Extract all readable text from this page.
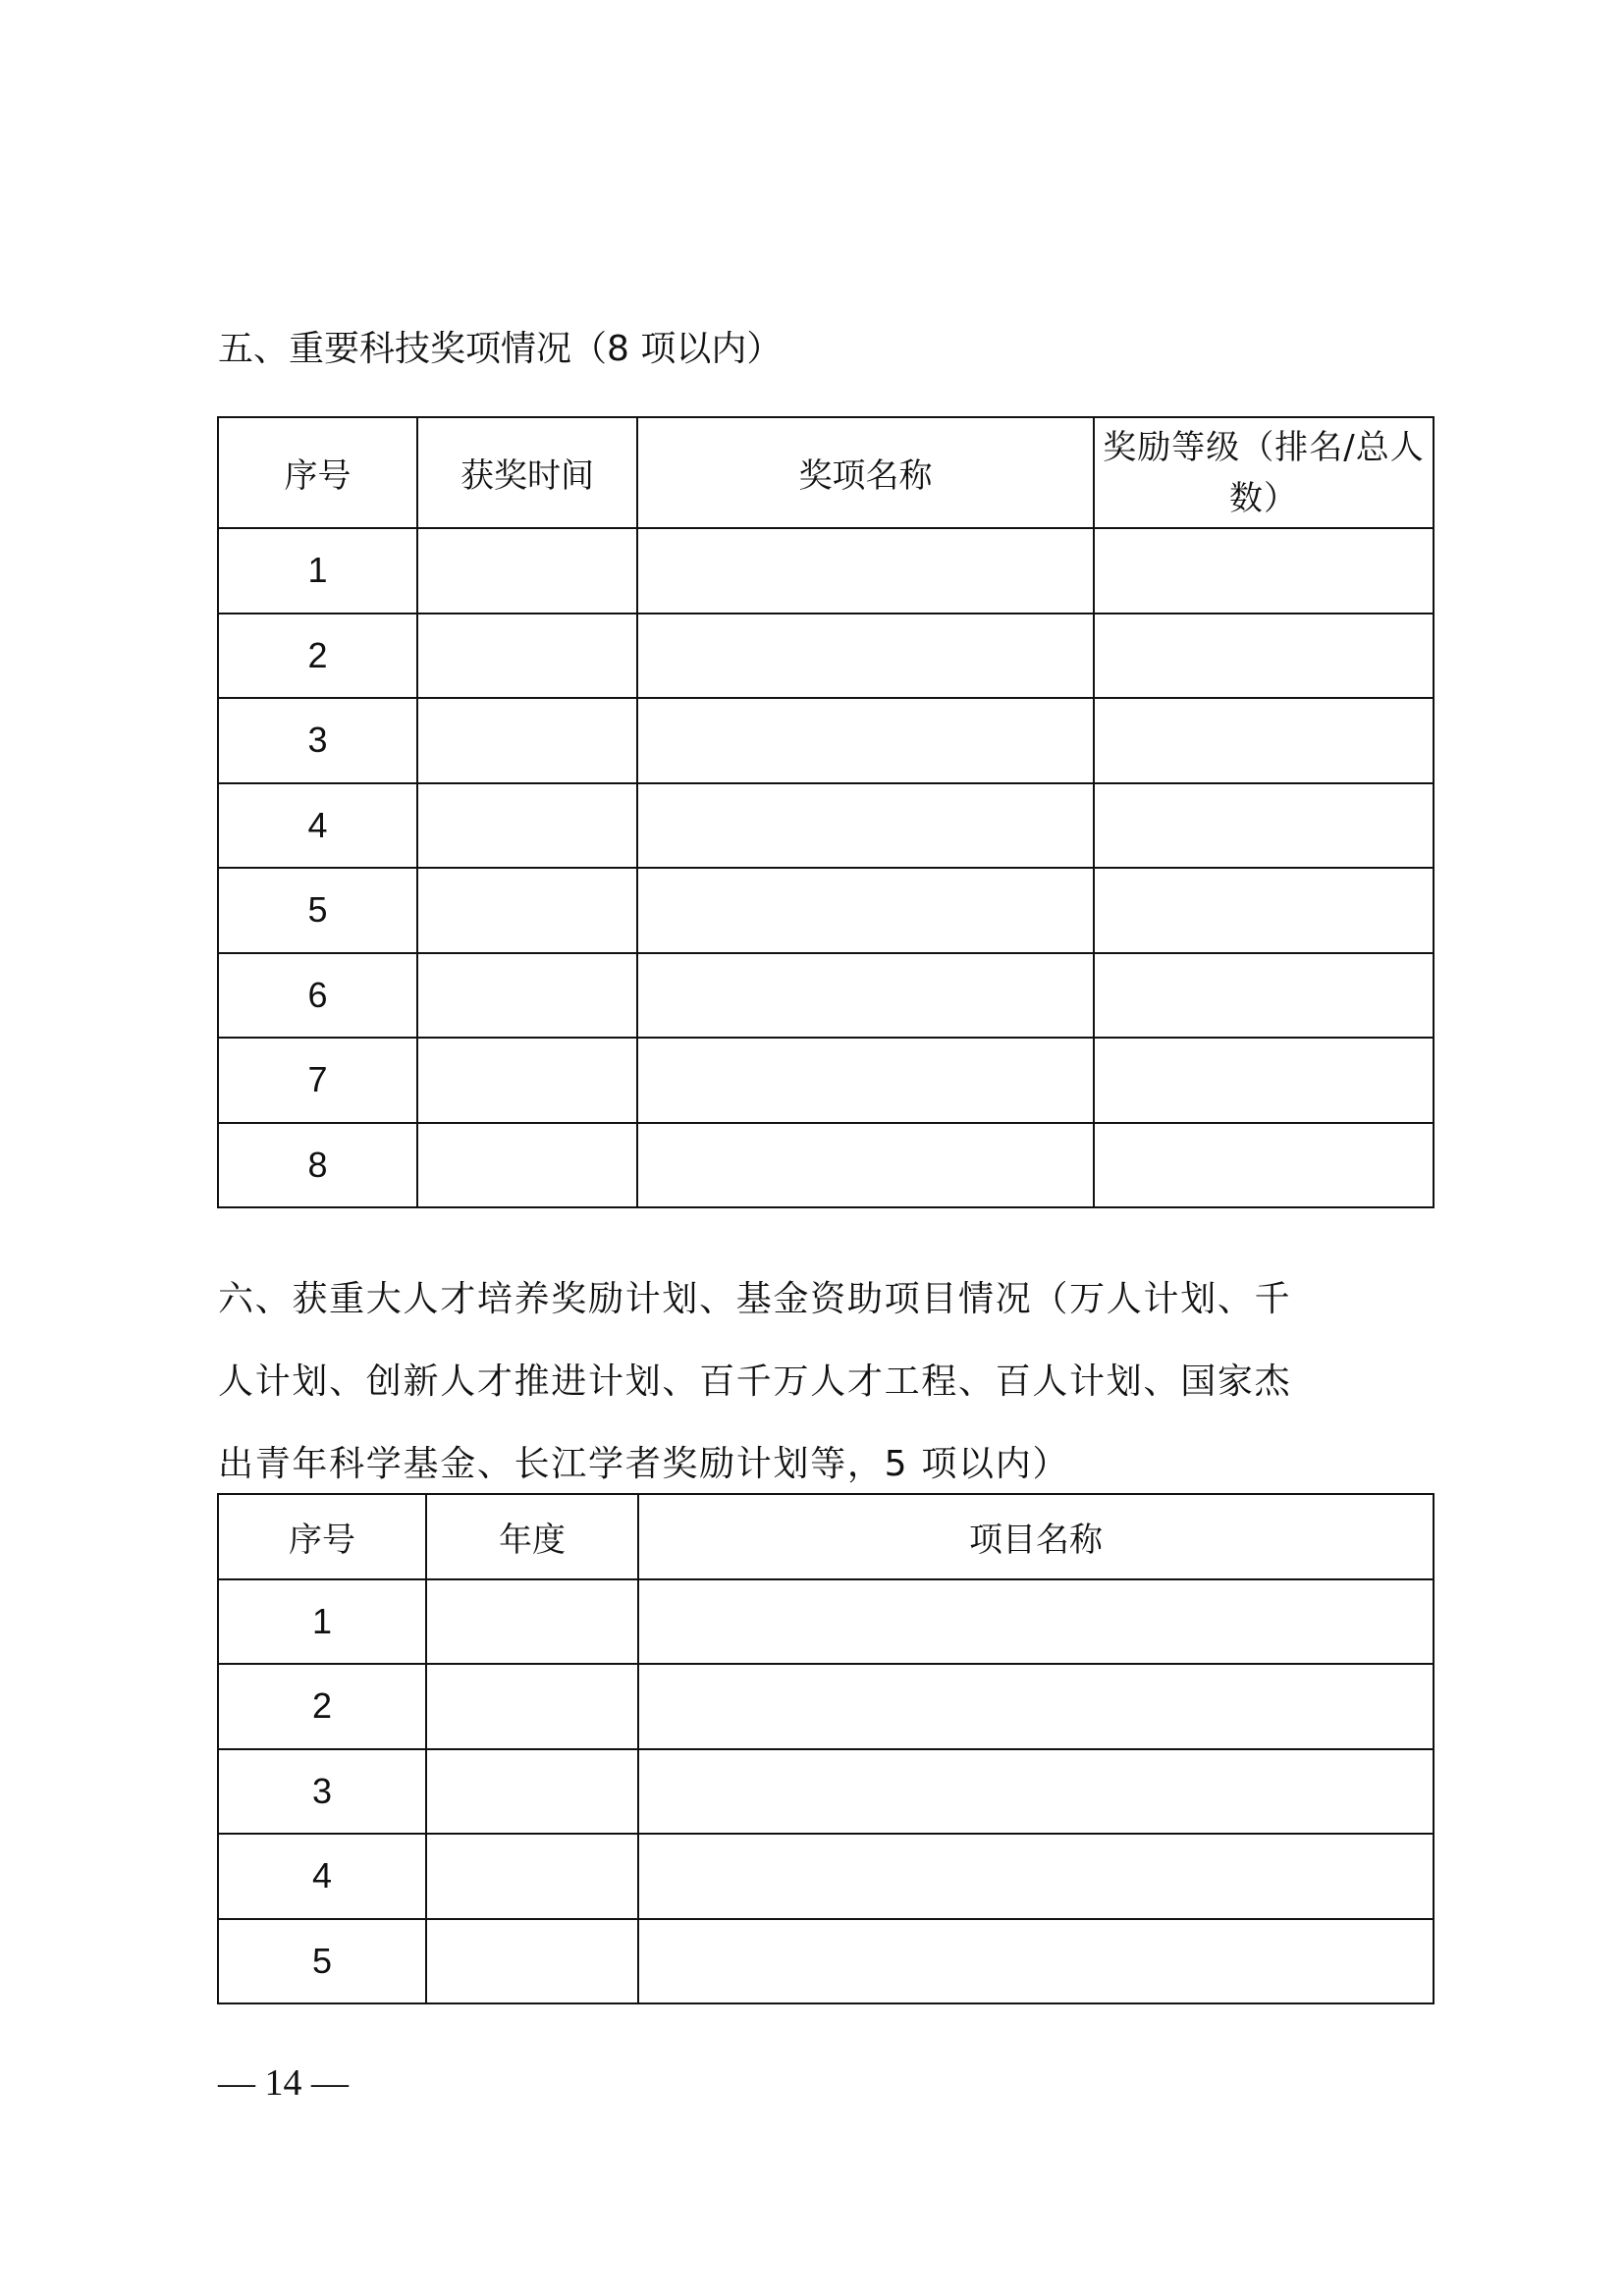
五、重要科技奖项情况（8 项以内）
序号	获奖时间	奖项名称	奖励等级（排名/总人数）
1			
2			
3			
4			
5			
6			
7			
8			
六、获重大人才培养奖励计划、基金资助项目情况（万人计划、千
人计划、创新人才推进计划、百千万人才工程、百人计划、国家杰
出青年科学基金、长江学者奖励计划等，5 项以内）
序号	年度	项目名称
1		
2		
3		
4		
5		
— 14 —
